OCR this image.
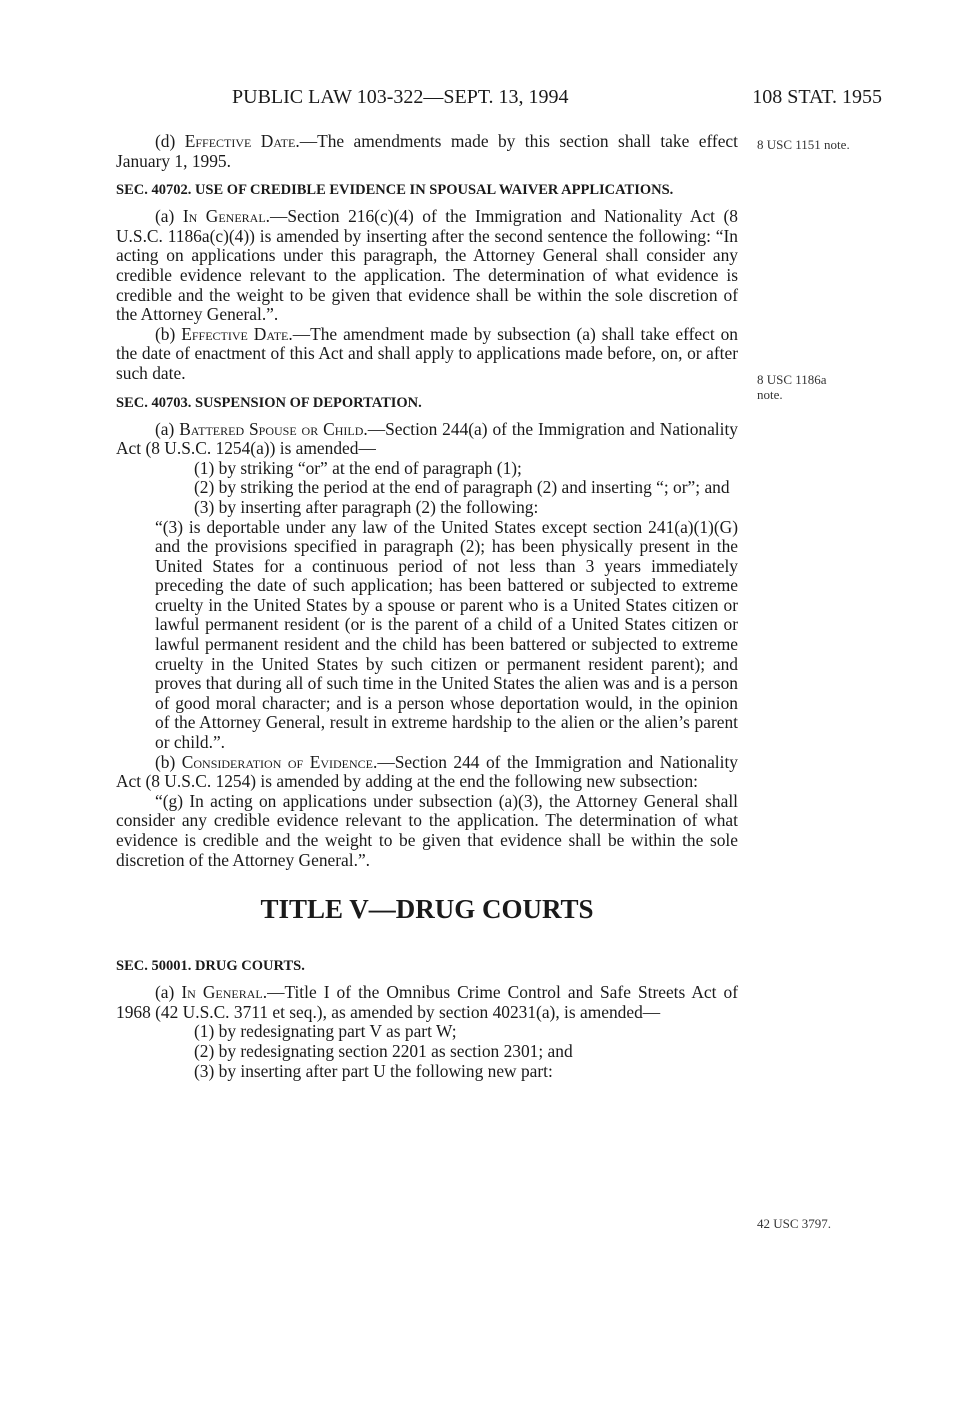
PUBLIC LAW 103-322—SEPT. 13, 1994	108 STAT. 1955
8 USC 1151 note.
8 USC 1186a
note.
42 USC 3797.

(d) Effective Date.—The amendments made by this section shall take effect January 1, 1995.

SEC. 40702. USE OF CREDIBLE EVIDENCE IN SPOUSAL WAIVER APPLICATIONS.

(a) In General.—Section 216(c)(4) of the Immigration and Nationality Act (8 U.S.C. 1186a(c)(4)) is amended by inserting after the second sentence the following: “In acting on applications under this paragraph, the Attorney General shall consider any credible evidence relevant to the application. The determination of what evidence is credible and the weight to be given that evidence shall be within the sole discretion of the Attorney General.”.

(b) Effective Date.—The amendment made by subsection (a) shall take effect on the date of enactment of this Act and shall apply to applications made before, on, or after such date.

SEC. 40703. SUSPENSION OF DEPORTATION.

(a) Battered Spouse or Child.—Section 244(a) of the Immigration and Nationality Act (8 U.S.C. 1254(a)) is amended—

(1) by striking “or” at the end of paragraph (1);

(2) by striking the period at the end of paragraph (2) and inserting “; or”; and

(3) by inserting after paragraph (2) the following:

“(3) is deportable under any law of the United States except section 241(a)(1)(G) and the provisions specified in paragraph (2); has been physically present in the United States for a continuous period of not less than 3 years immediately preceding the date of such application; has been battered or subjected to extreme cruelty in the United States by a spouse or parent who is a United States citizen or lawful permanent resident (or is the parent of a child of a United States citizen or lawful permanent resident and the child has been battered or subjected to extreme cruelty in the United States by such citizen or permanent resident parent); and proves that during all of such time in the United States the alien was and is a person of good moral character; and is a person whose deportation would, in the opinion of the Attorney General, result in extreme hardship to the alien or the alien’s parent or child.”.

(b) Consideration of Evidence.—Section 244 of the Immigration and Nationality Act (8 U.S.C. 1254) is amended by adding at the end the following new subsection:

“(g) In acting on applications under subsection (a)(3), the Attorney General shall consider any credible evidence relevant to the application. The determination of what evidence is credible and the weight to be given that evidence shall be within the sole discretion of the Attorney General.”.

TITLE V—DRUG COURTS
SEC. 50001. DRUG COURTS.

(a) In General.—Title I of the Omnibus Crime Control and Safe Streets Act of 1968 (42 U.S.C. 3711 et seq.), as amended by section 40231(a), is amended—

(1) by redesignating part V as part W;

(2) by redesignating section 2201 as section 2301; and

(3) by inserting after part U the following new part:
